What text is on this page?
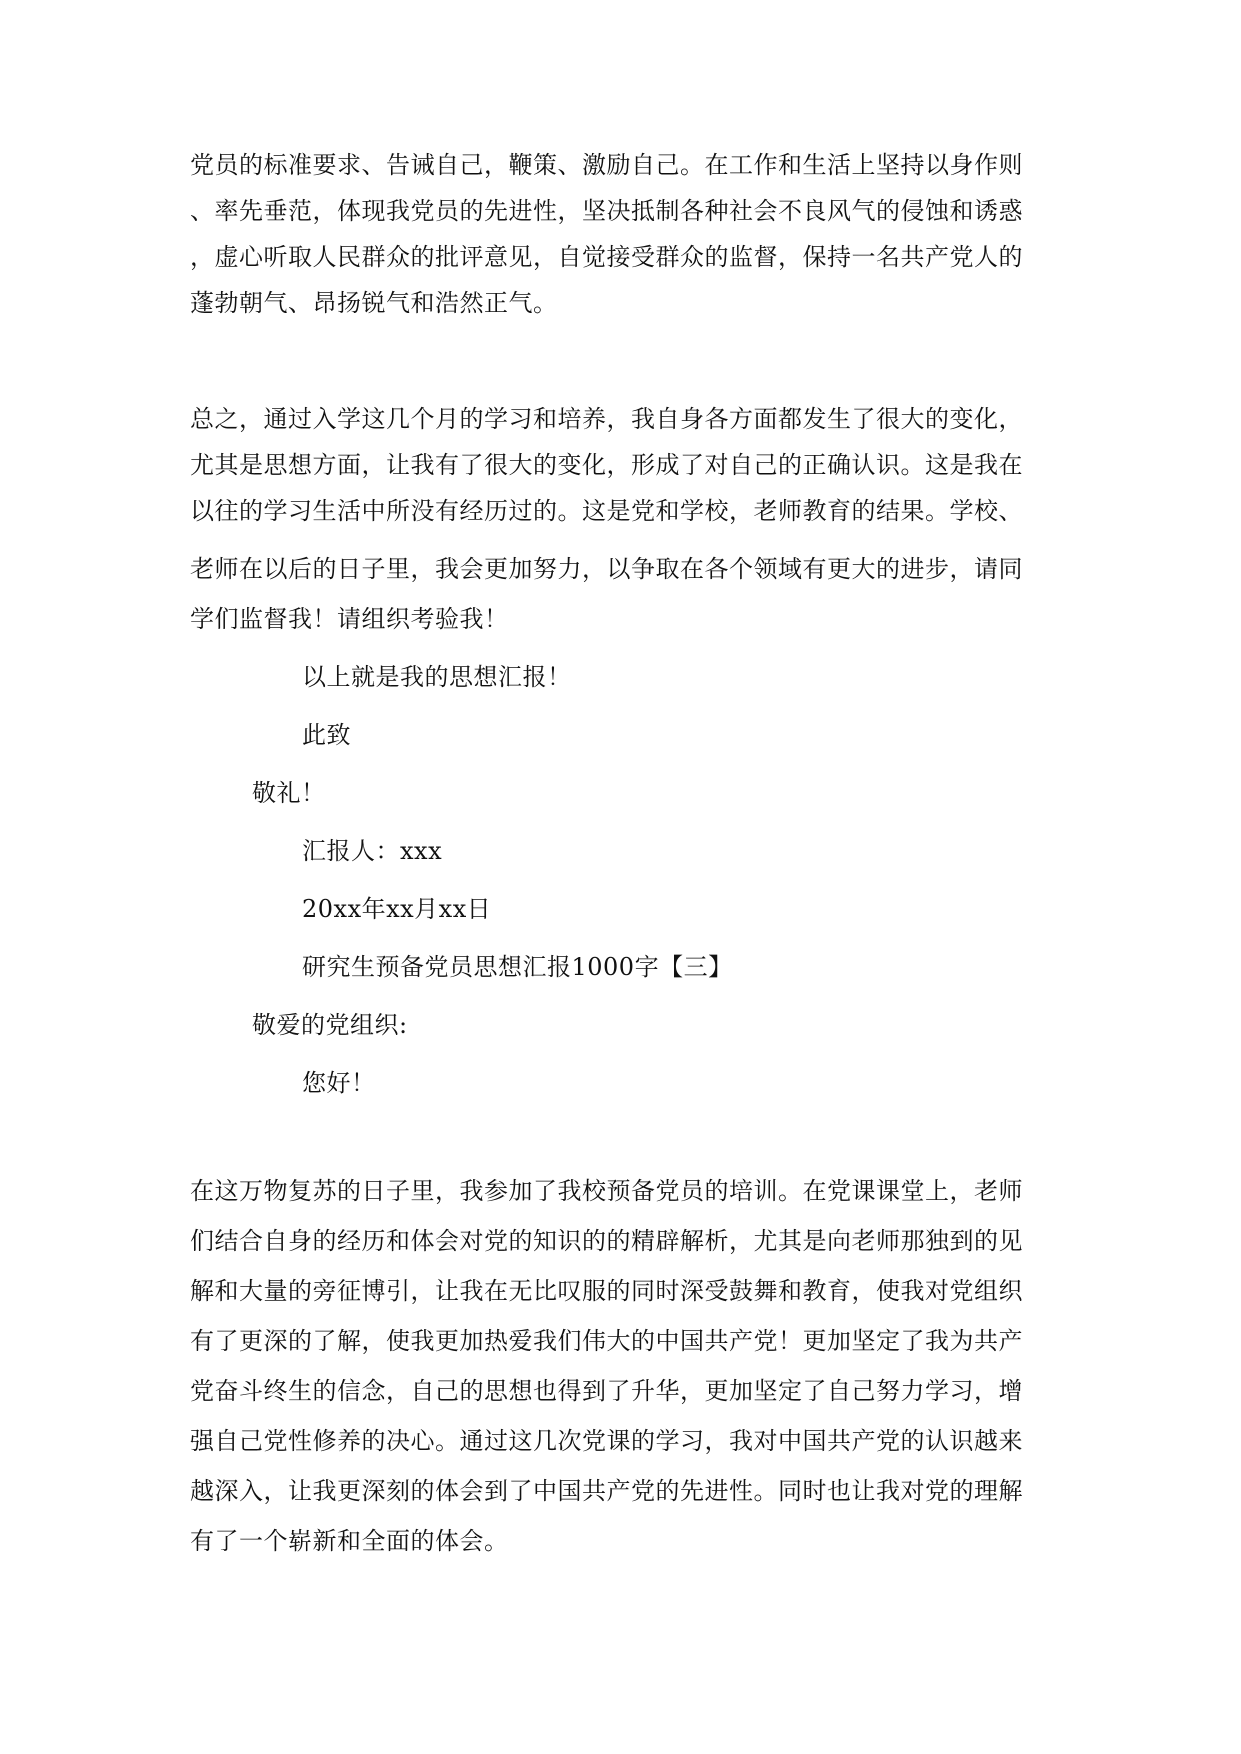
党员的标准要求、告诫自己，鞭策、激励自己。在工作和生活上坚持以身作则
、率先垂范，体现我党员的先进性，坚决抵制各种社会不良风气的侵蚀和诱惑
，虚心听取人民群众的批评意见，自觉接受群众的监督，保持一名共产党人的
蓬勃朝气、昂扬锐气和浩然正气。
总之，通过入学这几个月的学习和培养，我自身各方面都发生了很大的变化，
尤其是思想方面，让我有了很大的变化，形成了对自己的正确认识。这是我在
以往的学习生活中所没有经历过的。这是党和学校，老师教育的结果。学校、
老师在以后的日子里，我会更加努力，以争取在各个领域有更大的进步，请同
学们监督我！请组织考验我！
以上就是我的思想汇报！
此致
敬礼！
汇报人：xxx
20xx年xx月xx日
研究生预备党员思想汇报1000字【三】
敬爱的党组织:
您好！
在这万物复苏的日子里，我参加了我校预备党员的培训。在党课课堂上，老师
们结合自身的经历和体会对党的知识的的精辟解析，尤其是向老师那独到的见
解和大量的旁征博引，让我在无比叹服的同时深受鼓舞和教育，使我对党组织
有了更深的了解，使我更加热爱我们伟大的中国共产党！更加坚定了我为共产
党奋斗终生的信念，自己的思想也得到了升华，更加坚定了自己努力学习，增
强自己党性修养的决心。通过这几次党课的学习，我对中国共产党的认识越来
越深入，让我更深刻的体会到了中国共产党的先进性。同时也让我对党的理解
有了一个崭新和全面的体会。
